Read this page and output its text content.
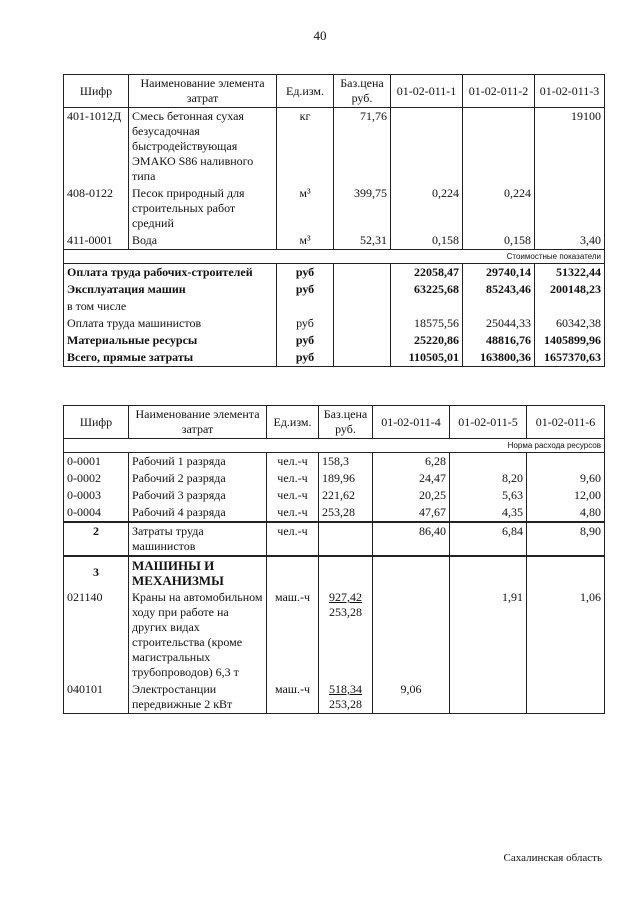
40
Шифр	Наименование элемента затрат	Ед.изм.	Баз.цена руб.	01-02-011-1	01-02-011-2	01-02-011-3
401-1012Д	Смесь бетонная сухая безусадочная быстродействующая ЭМАКО S86 наливного типа	кг	71,76			19100
408-0122	Песок природный для строительных работ средний	м³	399,75	0,224	0,224	
411-0001	Вода	м³	52,31	0,158	0,158	3,40
Стоимостные показатели						
Оплата труда рабочих-строителей		руб		22058,47	29740,14	51322,44
Эксплуатация машин		руб		63225,68	85243,46	200148,23
в том числе						
Оплата труда машинистов		руб		18575,56	25044,33	60342,38
Материальные ресурсы		руб		25220,86	48816,76	1405899,96
Всего, прямые затраты		руб		110505,01	163800,36	1657370,63
Шифр	Наименование элемента затрат	Ед.изм.	Баз.цена руб.	01-02-011-4	01-02-011-5	01-02-011-6
Норма расхода ресурсов						
0-0001	Рабочий 1 разряда	чел.-ч	158,3	6,28		
0-0002	Рабочий 2 разряда	чел.-ч	189,96	24,47	8,20	9,60
0-0003	Рабочий 3 разряда	чел.-ч	221,62	20,25	5,63	12,00
0-0004	Рабочий 4 разряда	чел.-ч	253,28	47,67	4,35	4,80
2	Затраты труда машинистов	чел.-ч		86,40	6,84	8,90
3	МАШИНЫ И МЕХАНИЗМЫ					
021140	Краны на автомобильном ходу при работе на других видах строительства (кроме магистральных трубопроводов) 6,3 т	маш.-ч	927,42
253,28		1,91	1,06
040101	Электростанции передвижные 2 кВт	маш.-ч	518,34
253,28	9,06		
Сахалинская область
